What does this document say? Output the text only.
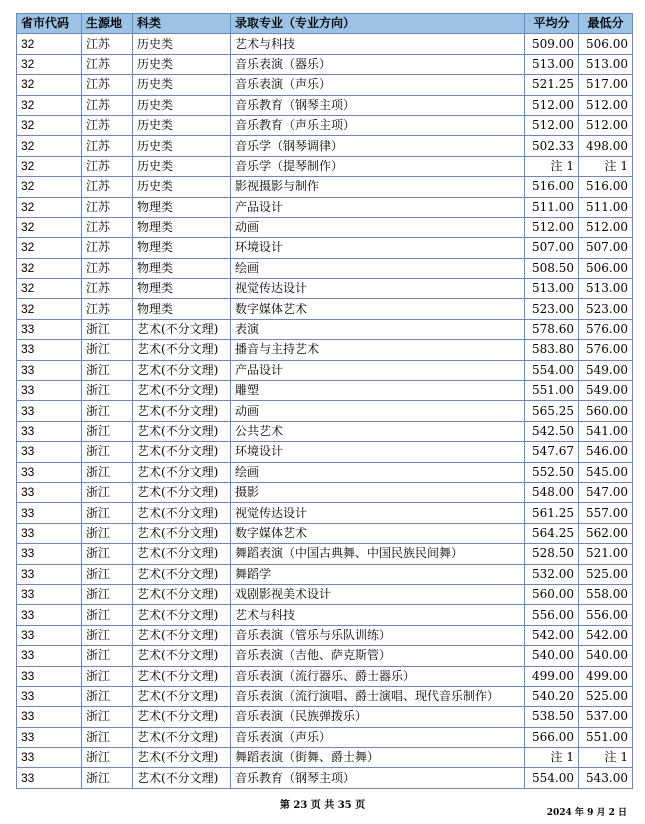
省市代码	生源地	科类	录取专业（专业方向）	平均分	最低分
32	江苏	历史类	艺术与科技	509.00	506.00
32	江苏	历史类	音乐表演（器乐）	513.00	513.00
32	江苏	历史类	音乐表演（声乐）	521.25	517.00
32	江苏	历史类	音乐教育（钢琴主项）	512.00	512.00
32	江苏	历史类	音乐教育（声乐主项）	512.00	512.00
32	江苏	历史类	音乐学（钢琴调律）	502.33	498.00
32	江苏	历史类	音乐学（提琴制作）	注 1	注 1
32	江苏	历史类	影视摄影与制作	516.00	516.00
32	江苏	物理类	产品设计	511.00	511.00
32	江苏	物理类	动画	512.00	512.00
32	江苏	物理类	环境设计	507.00	507.00
32	江苏	物理类	绘画	508.50	506.00
32	江苏	物理类	视觉传达设计	513.00	513.00
32	江苏	物理类	数字媒体艺术	523.00	523.00
33	浙江	艺术(不分文理)	表演	578.60	576.00
33	浙江	艺术(不分文理)	播音与主持艺术	583.80	576.00
33	浙江	艺术(不分文理)	产品设计	554.00	549.00
33	浙江	艺术(不分文理)	雕塑	551.00	549.00
33	浙江	艺术(不分文理)	动画	565.25	560.00
33	浙江	艺术(不分文理)	公共艺术	542.50	541.00
33	浙江	艺术(不分文理)	环境设计	547.67	546.00
33	浙江	艺术(不分文理)	绘画	552.50	545.00
33	浙江	艺术(不分文理)	摄影	548.00	547.00
33	浙江	艺术(不分文理)	视觉传达设计	561.25	557.00
33	浙江	艺术(不分文理)	数字媒体艺术	564.25	562.00
33	浙江	艺术(不分文理)	舞蹈表演（中国古典舞、中国民族民间舞）	528.50	521.00
33	浙江	艺术(不分文理)	舞蹈学	532.00	525.00
33	浙江	艺术(不分文理)	戏剧影视美术设计	560.00	558.00
33	浙江	艺术(不分文理)	艺术与科技	556.00	556.00
33	浙江	艺术(不分文理)	音乐表演（管乐与乐队训练）	542.00	542.00
33	浙江	艺术(不分文理)	音乐表演（吉他、萨克斯管）	540.00	540.00
33	浙江	艺术(不分文理)	音乐表演（流行器乐、爵士器乐）	499.00	499.00
33	浙江	艺术(不分文理)	音乐表演（流行演唱、爵士演唱、现代音乐制作）	540.20	525.00
33	浙江	艺术(不分文理)	音乐表演（民族弹拨乐）	538.50	537.00
33	浙江	艺术(不分文理)	音乐表演（声乐）	566.00	551.00
33	浙江	艺术(不分文理)	舞蹈表演（街舞、爵士舞）	注 1	注 1
33	浙江	艺术(不分文理)	音乐教育（钢琴主项）	554.00	543.00
第 23 页 共 35 页
2024 年 9 月 2 日
